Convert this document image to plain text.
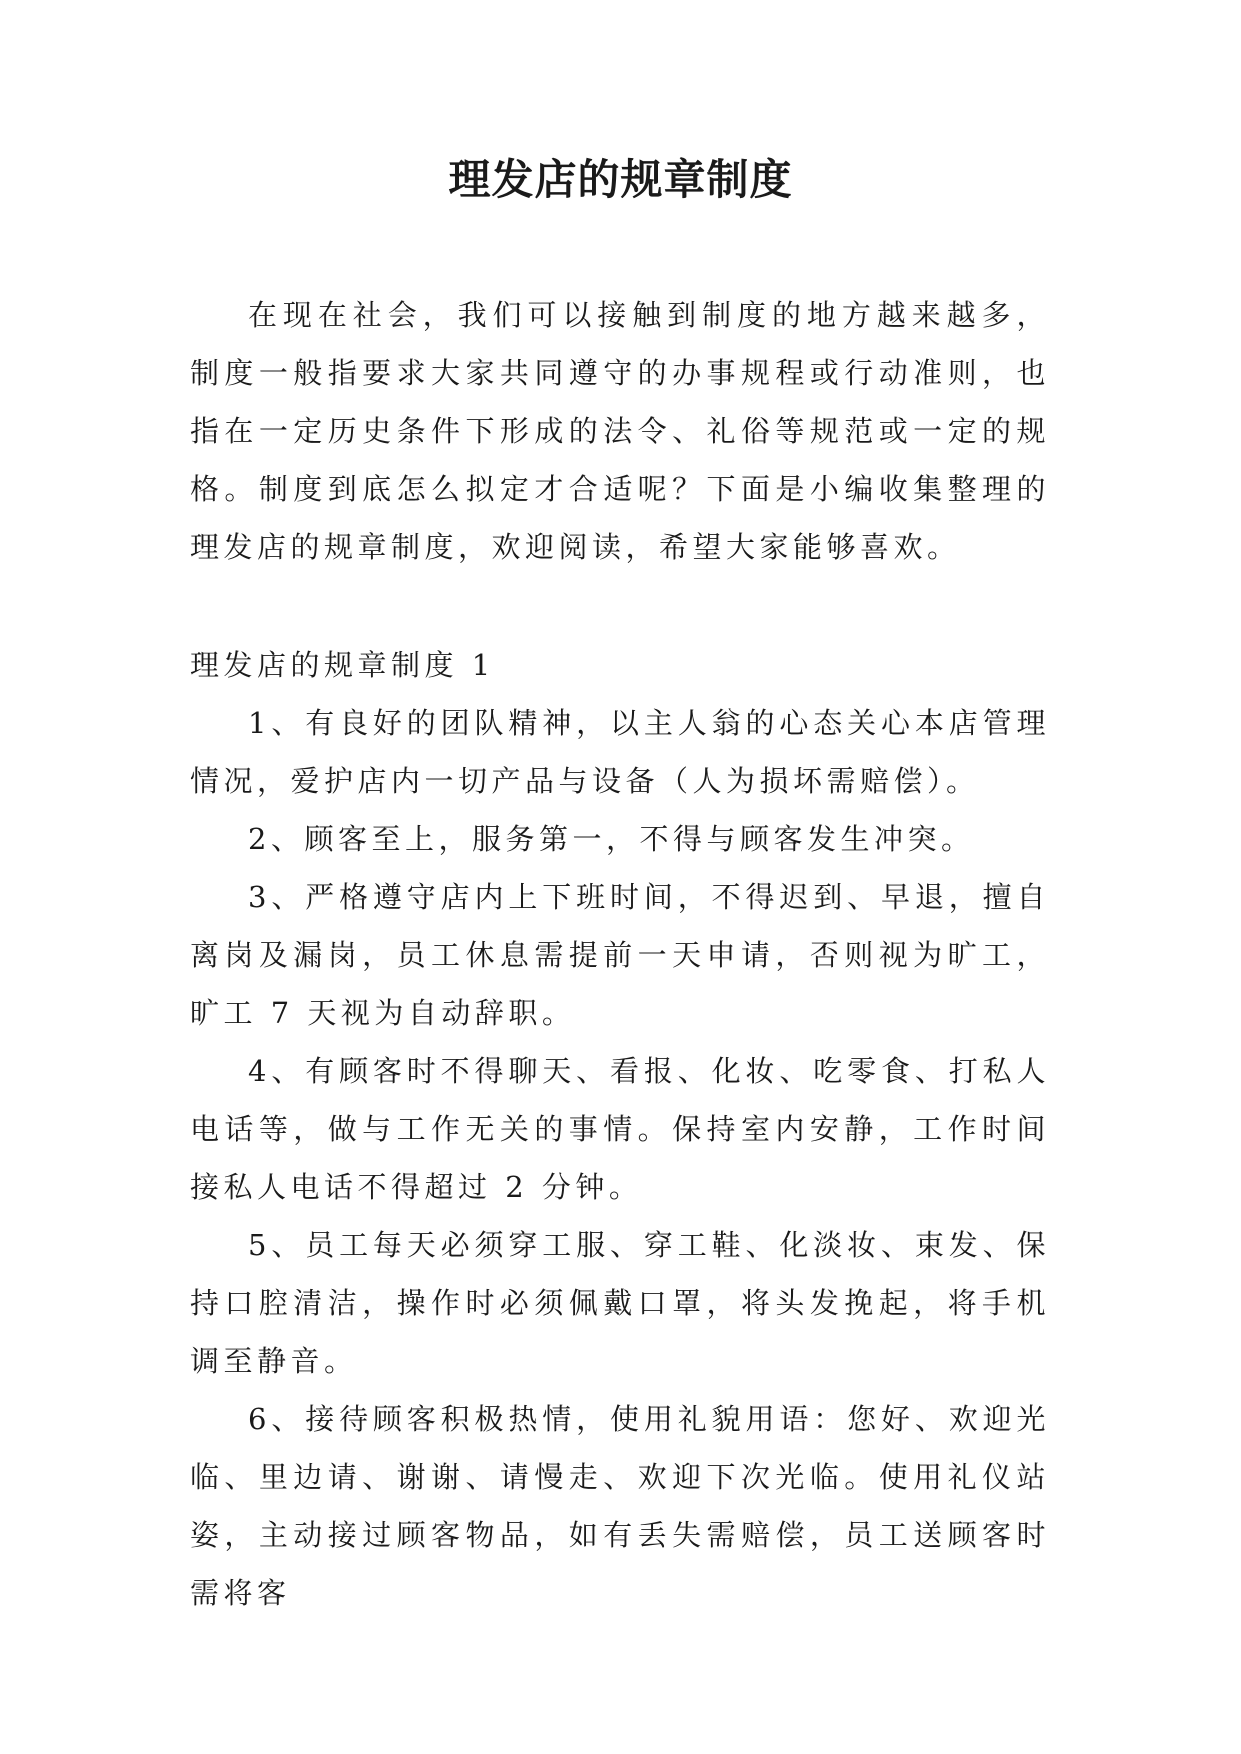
理发店的规章制度

在现在社会，我们可以接触到制度的地方越来越多，制度一般指要求大家共同遵守的办事规程或行动准则，也指在一定历史条件下形成的法令、礼俗等规范或一定的规格。制度到底怎么拟定才合适呢？下面是小编收集整理的理发店的规章制度，欢迎阅读，希望大家能够喜欢。

理发店的规章制度 1

1、有良好的团队精神，以主人翁的心态关心本店管理情况，爱护店内一切产品与设备（人为损坏需赔偿）。

2、顾客至上，服务第一，不得与顾客发生冲突。

3、严格遵守店内上下班时间，不得迟到、早退，擅自离岗及漏岗，员工休息需提前一天申请，否则视为旷工，旷工 7 天视为自动辞职。

4、有顾客时不得聊天、看报、化妆、吃零食、打私人电话等，做与工作无关的事情。保持室内安静，工作时间接私人电话不得超过 2 分钟。

5、员工每天必须穿工服、穿工鞋、化淡妆、束发、保持口腔清洁，操作时必须佩戴口罩，将头发挽起，将手机调至静音。

6、接待顾客积极热情，使用礼貌用语：您好、欢迎光临、里边请、谢谢、请慢走、欢迎下次光临。使用礼仪站姿，主动接过顾客物品，如有丢失需赔偿，员工送顾客时需将客
